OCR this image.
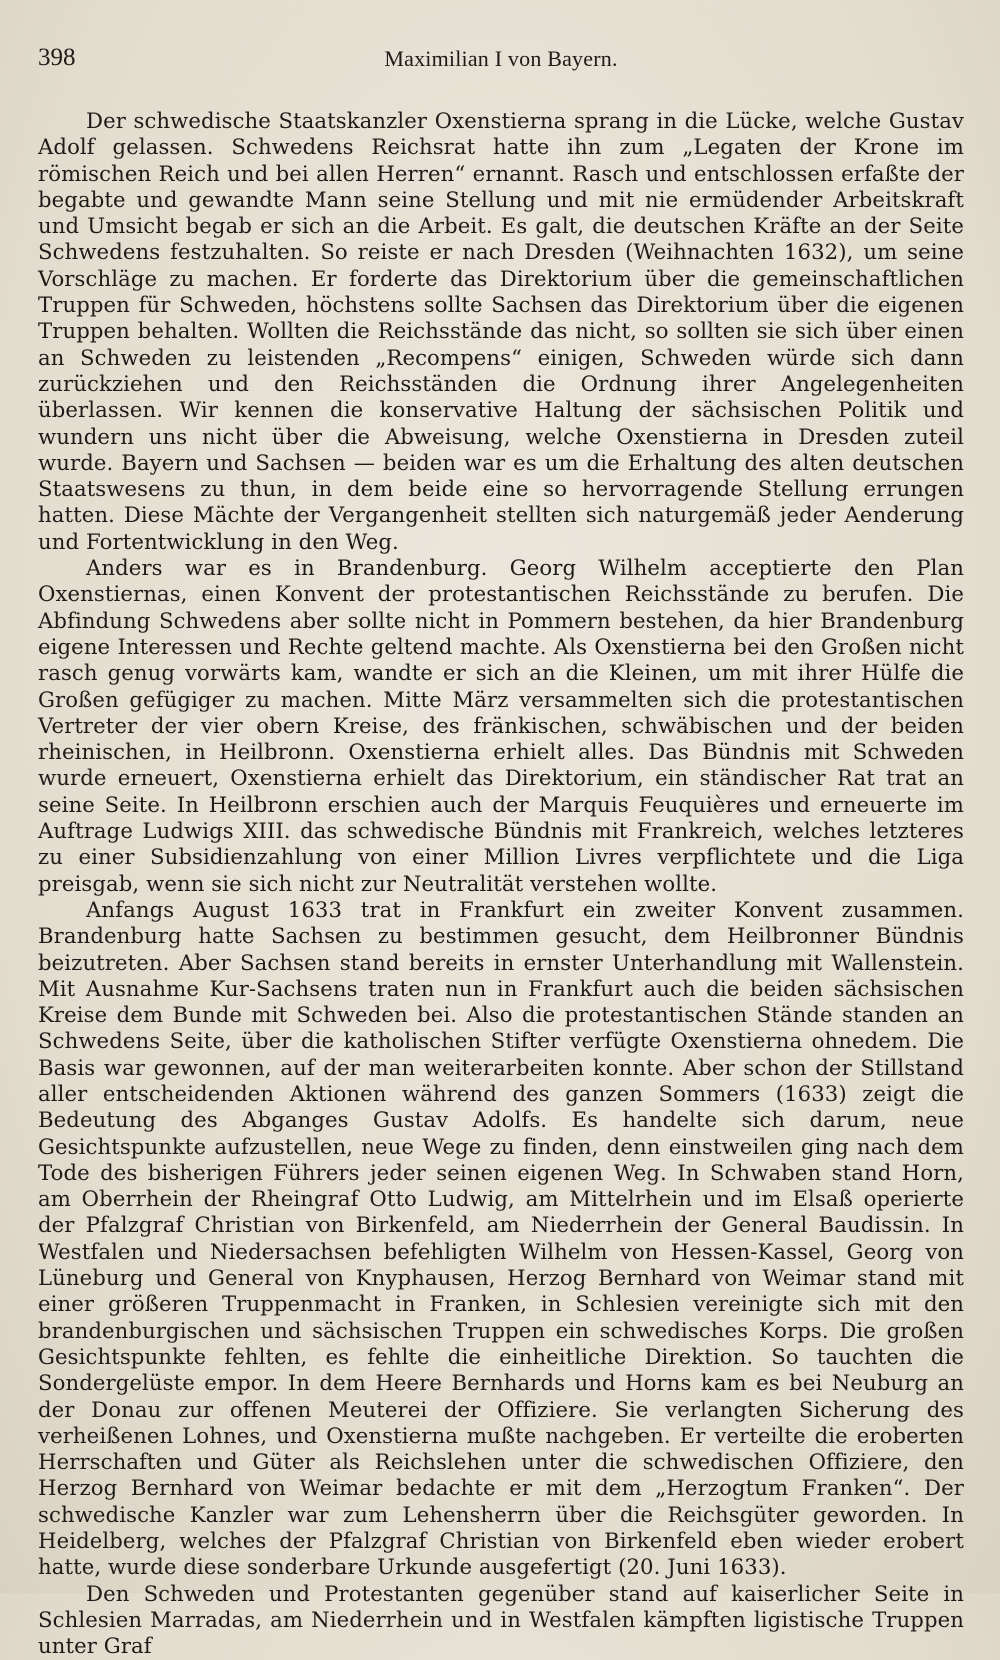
398	Maximilian I von Bayern.

Der schwedische Staatskanzler Oxenstierna sprang in die Lücke, welche Gustav Adolf gelassen. Schwedens Reichsrat hatte ihn zum „Legaten der Krone im römischen Reich und bei allen Herren“ ernannt. Rasch und entschlossen erfaßte der begabte und gewandte Mann seine Stellung und mit nie ermüdender Arbeitskraft und Umsicht begab er sich an die Arbeit. Es galt, die deutschen Kräfte an der Seite Schwedens festzuhalten. So reiste er nach Dresden (Weihnachten 1632), um seine Vorschläge zu machen. Er forderte das Direktorium über die gemeinschaftlichen Truppen für Schweden, höchstens sollte Sachsen das Direktorium über die eigenen Truppen behalten. Wollten die Reichsstände das nicht, so sollten sie sich über einen an Schweden zu leistenden „Recompens“ einigen, Schweden würde sich dann zurückziehen und den Reichsständen die Ordnung ihrer Angelegenheiten überlassen. Wir kennen die konservative Haltung der sächsischen Politik und wundern uns nicht über die Abweisung, welche Oxenstierna in Dresden zuteil wurde. Bayern und Sachsen — beiden war es um die Erhaltung des alten deutschen Staatswesens zu thun, in dem beide eine so hervorragende Stellung errungen hatten. Diese Mächte der Vergangenheit stellten sich naturgemäß jeder Aenderung und Fortentwicklung in den Weg.

Anders war es in Brandenburg. Georg Wilhelm acceptierte den Plan Oxenstiernas, einen Konvent der protestantischen Reichsstände zu berufen. Die Abfindung Schwedens aber sollte nicht in Pommern bestehen, da hier Brandenburg eigene Interessen und Rechte geltend machte. Als Oxenstierna bei den Großen nicht rasch genug vorwärts kam, wandte er sich an die Kleinen, um mit ihrer Hülfe die Großen gefügiger zu machen. Mitte März versammelten sich die protestantischen Vertreter der vier obern Kreise, des fränkischen, schwäbischen und der beiden rheinischen, in Heilbronn. Oxenstierna erhielt alles. Das Bündnis mit Schweden wurde erneuert, Oxenstierna erhielt das Direktorium, ein ständischer Rat trat an seine Seite. In Heilbronn erschien auch der Marquis Feuquières und erneuerte im Auftrage Ludwigs XIII. das schwedische Bündnis mit Frankreich, welches letzteres zu einer Subsidienzahlung von einer Million Livres verpflichtete und die Liga preisgab, wenn sie sich nicht zur Neutralität verstehen wollte.

Anfangs August 1633 trat in Frankfurt ein zweiter Konvent zusammen. Brandenburg hatte Sachsen zu bestimmen gesucht, dem Heilbronner Bündnis beizutreten. Aber Sachsen stand bereits in ernster Unterhandlung mit Wallenstein. Mit Ausnahme Kur-Sachsens traten nun in Frankfurt auch die beiden sächsischen Kreise dem Bunde mit Schweden bei. Also die protestantischen Stände standen an Schwedens Seite, über die katholischen Stifter verfügte Oxenstierna ohnedem. Die Basis war gewonnen, auf der man weiterarbeiten konnte. Aber schon der Stillstand aller entscheidenden Aktionen während des ganzen Sommers (1633) zeigt die Bedeutung des Abganges Gustav Adolfs. Es handelte sich darum, neue Gesichtspunkte aufzustellen, neue Wege zu finden, denn einstweilen ging nach dem Tode des bisherigen Führers jeder seinen eigenen Weg. In Schwaben stand Horn, am Oberrhein der Rheingraf Otto Ludwig, am Mittelrhein und im Elsaß operierte der Pfalzgraf Christian von Birkenfeld, am Niederrhein der General Baudissin. In Westfalen und Niedersachsen befehligten Wilhelm von Hessen-Kassel, Georg von Lüneburg und General von Knyphausen, Herzog Bernhard von Weimar stand mit einer größeren Truppenmacht in Franken, in Schlesien vereinigte sich mit den brandenburgischen und sächsischen Truppen ein schwedisches Korps. Die großen Gesichtspunkte fehlten, es fehlte die einheitliche Direktion. So tauchten die Sondergelüste empor. In dem Heere Bernhards und Horns kam es bei Neuburg an der Donau zur offenen Meuterei der Offiziere. Sie verlangten Sicherung des verheißenen Lohnes, und Oxenstierna mußte nachgeben. Er verteilte die eroberten Herrschaften und Güter als Reichslehen unter die schwedischen Offiziere, den Herzog Bernhard von Weimar bedachte er mit dem „Herzogtum Franken“. Der schwedische Kanzler war zum Lehensherrn über die Reichsgüter geworden. In Heidelberg, welches der Pfalzgraf Christian von Birkenfeld eben wieder erobert hatte, wurde diese sonderbare Urkunde ausgefertigt (20. Juni 1633).

Den Schweden und Protestanten gegenüber stand auf kaiserlicher Seite in Schlesien Marradas, am Niederrhein und in Westfalen kämpften ligistische Truppen unter Graf
